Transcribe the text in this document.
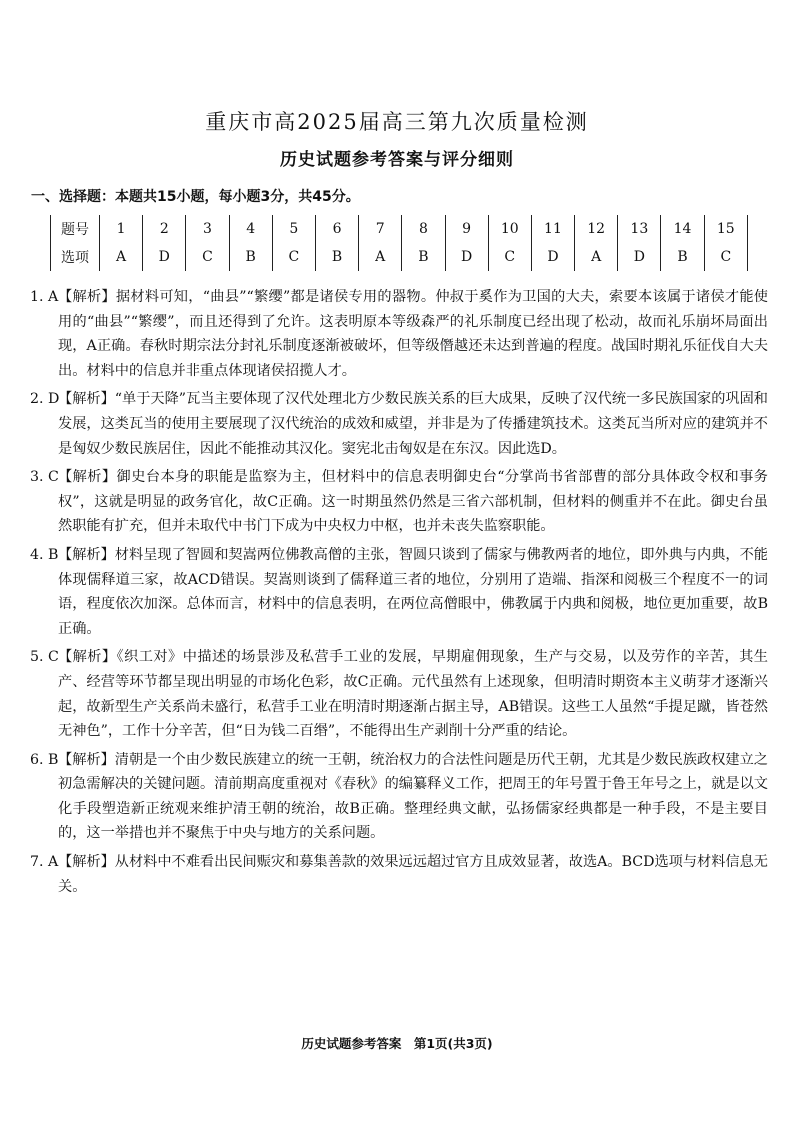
重庆市高2025届高三第九次质量检测
历史试题参考答案与评分细则
一、选择题：本题共15小题，每小题3分，共45分。
题号	1	2	3	4	5	6	7	8	9	10	11	12	13	14	15
选项	A	D	C	B	C	B	A	B	D	C	D	A	D	B	C
1. A 【解析】据材料可知，“曲县”“繁缨”都是诸侯专用的器物。仲叔于奚作为卫国的大夫，索要本该属于诸侯才能使用的“曲县”“繁缨”，而且还得到了允许。这表明原本等级森严的礼乐制度已经出现了松动，故而礼乐崩坏局面出现，A正确。春秋时期宗法分封礼乐制度逐渐被破坏，但等级僭越还未达到普遍的程度。战国时期礼乐征伐自大夫出。材料中的信息并非重点体现诸侯招揽人才。
2. D
【解析】“单于天降”瓦当主要体现了汉代处理北方少数民族关系的巨大成果，反映了汉代统一多民族国家的巩固和发展，这类瓦当的使用主要展现了汉代统治的成效和威望，并非是为了传播建筑技术。这类瓦当所对应的建筑并不是匈奴少数民族居住，因此不能推动其汉化。窦宪北击匈奴是在东汉。因此选D。
3. C 【解析】御史台本身的职能是监察为主，但材料中的信息表明御史台“分掌尚书省部曹的部分具体政令权和事务权”，这就是明显的政务官化，故C正确。这一时期虽然仍然是三省六部机制，但材料的侧重并不在此。御史台虽然职能有扩充，但并未取代中书门下成为中央权力中枢，也并未丧失监察职能。
4. B 【解析】材料呈现了智圆和契嵩两位佛教高僧的主张，智圆只谈到了儒家与佛教两者的地位，即外典与内典，不能体现儒释道三家，故ACD错误。契嵩则谈到了儒释道三者的地位，分别用了造端、指深和阅极三个程度不一的词语，程度依次加深。总体而言，材料中的信息表明，在两位高僧眼中，佛教属于内典和阅极，地位更加重要，故B正确。
5. C 【解析】《织工对》中描述的场景涉及私营手工业的发展，早期雇佣现象，生产与交易，以及劳作的辛苦，其生产、经营等环节都呈现出明显的市场化色彩，故C正确。元代虽然有上述现象，但明清时期资本主义萌芽才逐渐兴起，故新型生产关系尚未盛行，私营手工业在明清时期逐渐占据主导，AB错误。这些工人虽然“手提足蹴，皆苍然无神色”，工作十分辛苦，但“日为钱二百缗”，不能得出生产剥削十分严重的结论。
6. B 【解析】清朝是一个由少数民族建立的统一王朝，统治权力的合法性问题是历代王朝，尤其是少数民族政权建立之初急需解决的关键问题。清前期高度重视对《春秋》的编纂释义工作，把周王的年号置于鲁王年号之上，就是以文化手段塑造新正统观来维护清王朝的统治，故B正确。整理经典文献，弘扬儒家经典都是一种手段，不是主要目的，这一举措也并不聚焦于中央与地方的关系问题。
7. A 【解析】从材料中不难看出民间赈灾和募集善款的效果远远超过官方且成效显著，故选A。BCD选项与材料信息无关。
历史试题参考答案　第1页(共3页)
